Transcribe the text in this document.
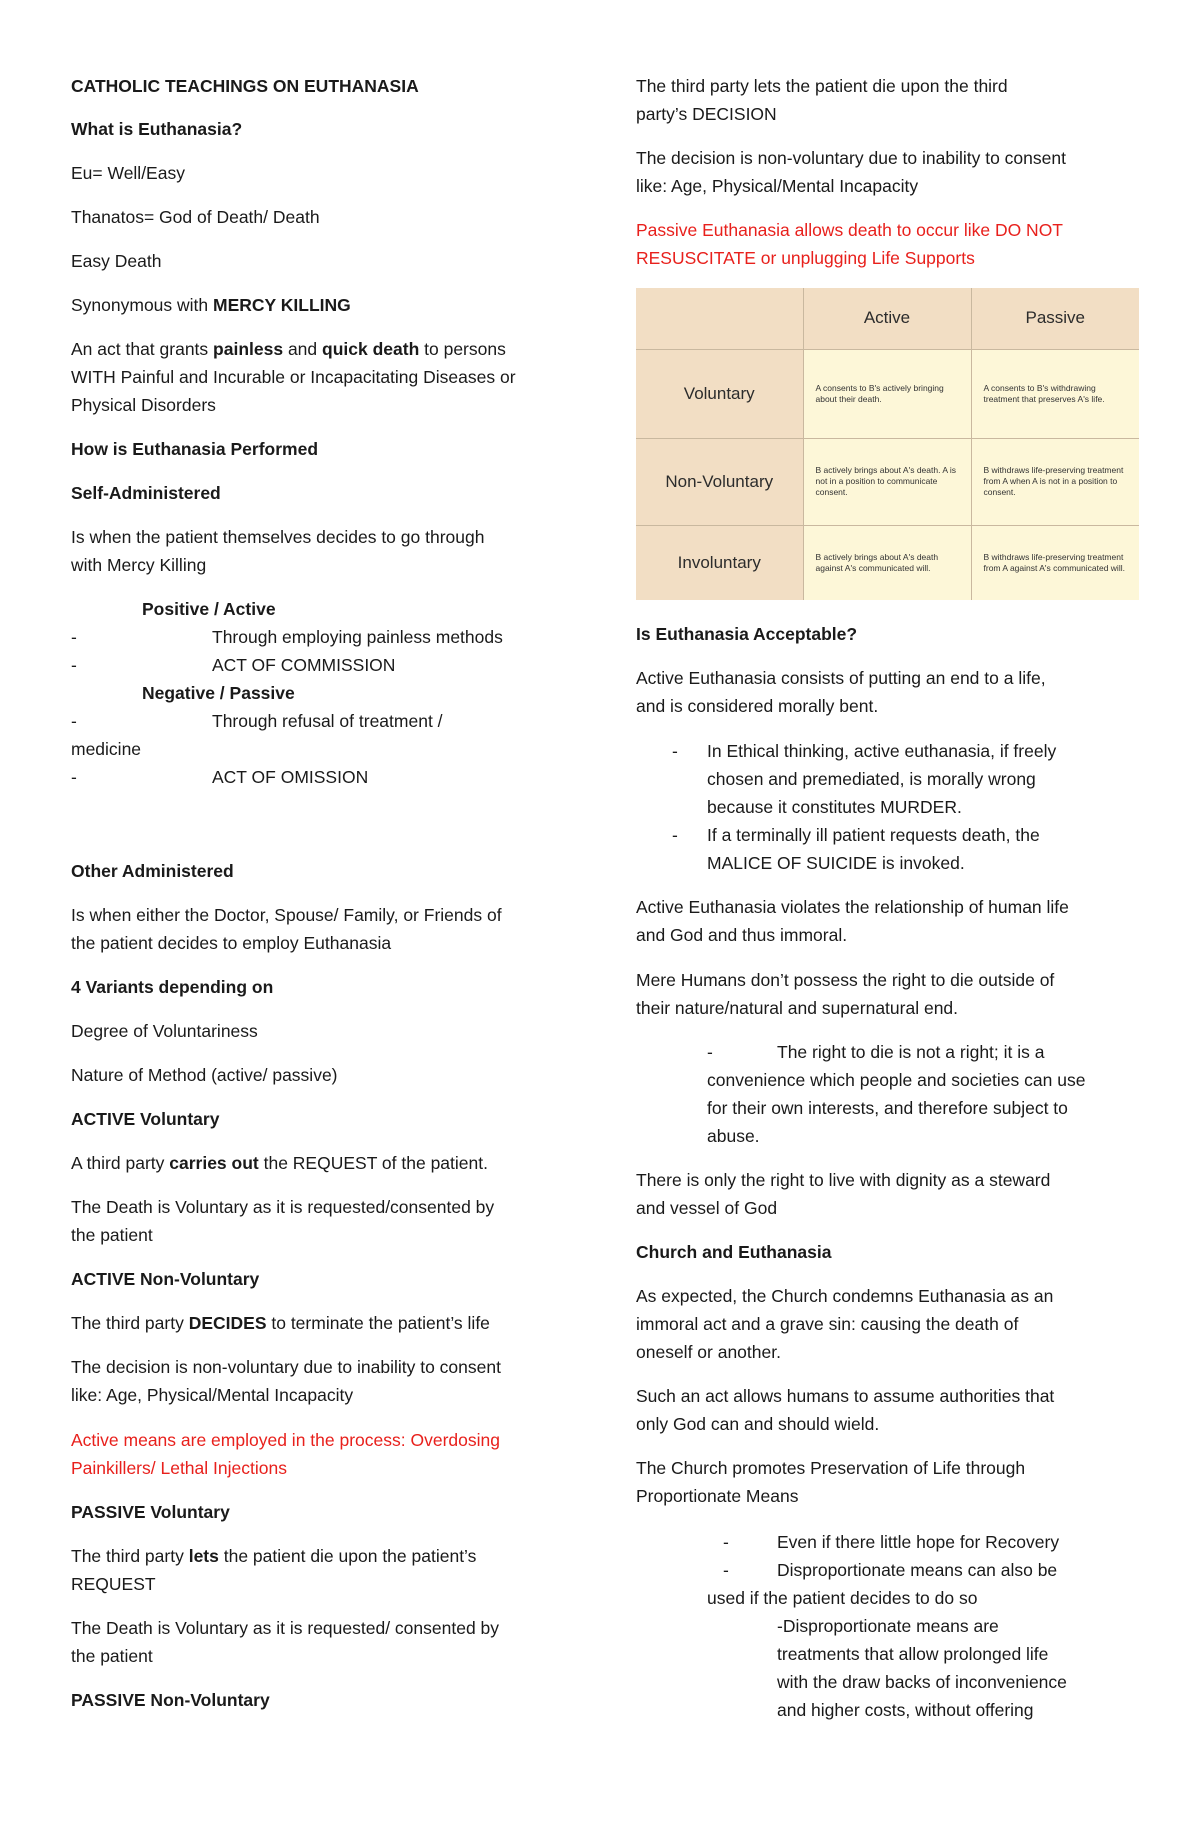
CATHOLIC TEACHINGS ON EUTHANASIA
What is Euthanasia?
Eu= Well/Easy
Thanatos= God of Death/ Death
Easy Death
Synonymous with MERCY KILLING
An act that grants painless and quick death to persons
WITH Painful and Incurable or Incapacitating Diseases or
Physical Disorders
How is Euthanasia Performed
Self-Administered
Is when the patient themselves decides to go through
with Mercy Killing
Positive / Active
-	Through employing painless methods
-	ACT OF COMMISSION
Negative / Passive
-	Through refusal of treatment /
medicine
-	ACT OF OMISSION
Other Administered
Is when either the Doctor, Spouse/ Family, or Friends of
the patient decides to employ Euthanasia
4 Variants depending on
Degree of Voluntariness
Nature of Method (active/ passive)
ACTIVE Voluntary
A third party carries out the REQUEST of the patient.
The Death is Voluntary as it is requested/consented by
the patient
ACTIVE Non-Voluntary
The third party DECIDES to terminate the patient’s life
The decision is non-voluntary due to inability to consent
like: Age, Physical/Mental Incapacity
Active means are employed in the process: Overdosing
Painkillers/ Lethal Injections
PASSIVE Voluntary
The third party lets the patient die upon the patient’s
REQUEST
The Death is Voluntary as it is requested/ consented by
the patient
PASSIVE Non-Voluntary
The third party lets the patient die upon the third
party’s DECISION
The decision is non-voluntary due to inability to consent
like: Age, Physical/Mental Incapacity
Passive Euthanasia allows death to occur like DO NOT
RESUSCITATE or unplugging Life Supports
	Active	Passive
Voluntary	A consents to B's actively bringing about their death.	A consents to B's withdrawing treatment that preserves A's life.
Non-Voluntary	B actively brings about A's death. A is not in a position to communicate consent.	B withdraws life-preserving treatment from A when A is not in a position to consent.
Involuntary	B actively brings about A's death against A's communicated will.	B withdraws life-preserving treatment from A against A's communicated will.
Is Euthanasia Acceptable?
Active Euthanasia consists of putting an end to a life,
and is considered morally bent.
- In Ethical thinking, active euthanasia, if freely
chosen and premediated, is morally wrong
because it constitutes MURDER.
- If a terminally ill patient requests death, the
MALICE OF SUICIDE is invoked.
Active Euthanasia violates the relationship of human life
and God and thus immoral.
Mere Humans don’t possess the right to die outside of
their nature/natural and supernatural end.
-	The right to die is not a right; it is a
convenience which people and societies can use
for their own interests, and therefore subject to
abuse.
There is only the right to live with dignity as a steward
and vessel of God
Church and Euthanasia
As expected, the Church condemns Euthanasia as an
immoral act and a grave sin: causing the death of
oneself or another.
Such an act allows humans to assume authorities that
only God can and should wield.
The Church promotes Preservation of Life through
Proportionate Means
-	Even if there little hope for Recovery
-	Disproportionate means can also be
used if the patient decides to do so
-Disproportionate means are
treatments that allow prolonged life
with the draw backs of inconvenience
and higher costs, without offering
